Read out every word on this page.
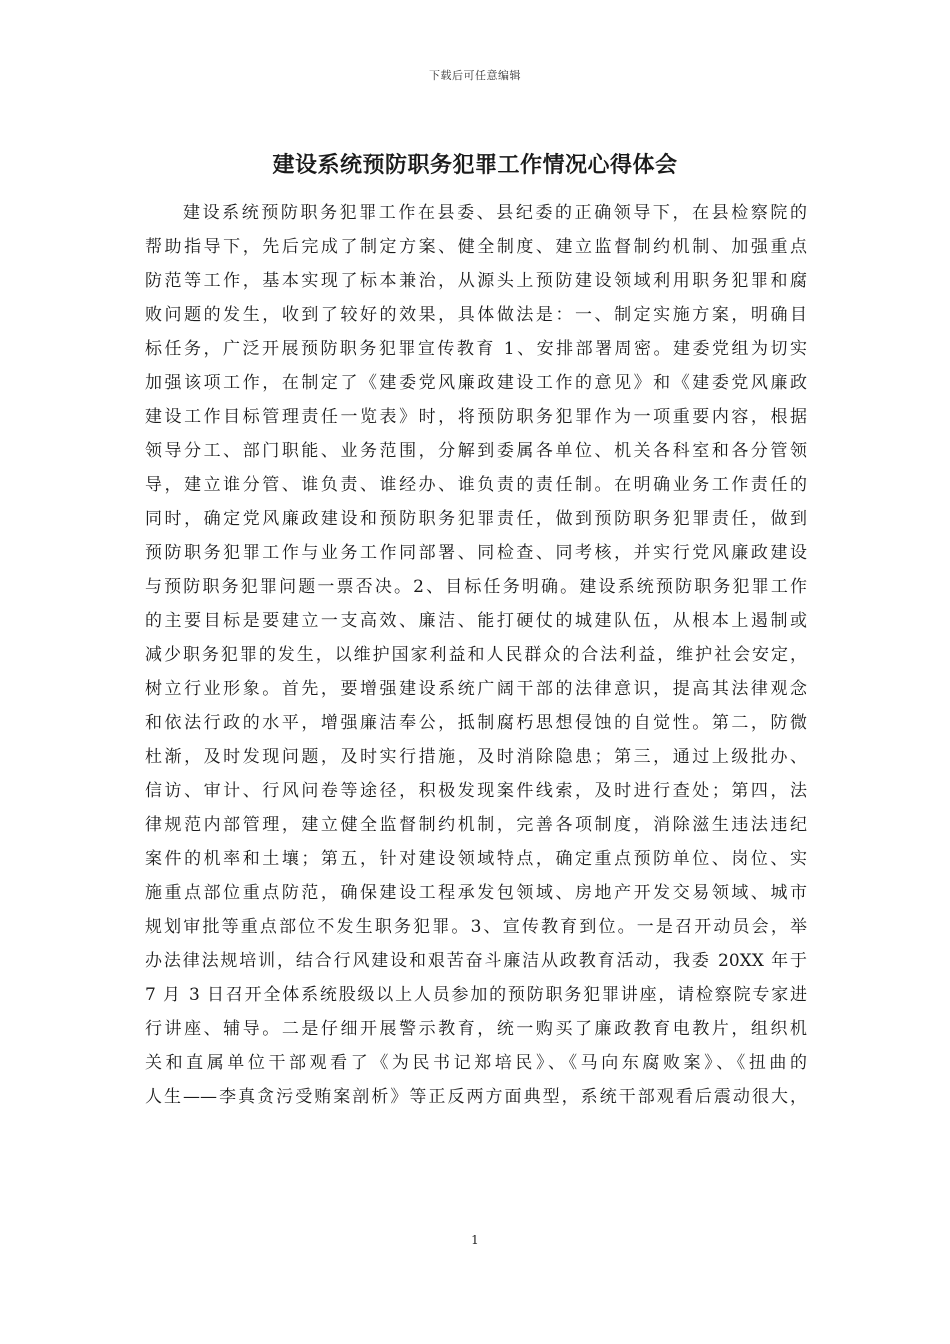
下载后可任意编辑
建设系统预防职务犯罪工作情况心得体会
建设系统预防职务犯罪工作在县委、县纪委的正确领导下，在县检察院的
帮助指导下，先后完成了制定方案、健全制度、建立监督制约机制、加强重点
防范等工作，基本实现了标本兼治，从源头上预防建设领域利用职务犯罪和腐
败问题的发生，收到了较好的效果，具体做法是：一、制定实施方案，明确目
标任务，广泛开展预防职务犯罪宣传教育 1、安排部署周密。建委党组为切实
加强该项工作，在制定了《建委党风廉政建设工作的意见》和《建委党风廉政
建设工作目标管理责任一览表》时，将预防职务犯罪作为一项重要内容，根据
领导分工、部门职能、业务范围，分解到委属各单位、机关各科室和各分管领
导，建立谁分管、谁负责、谁经办、谁负责的责任制。在明确业务工作责任的
同时，确定党风廉政建设和预防职务犯罪责任，做到预防职务犯罪责任，做到
预防职务犯罪工作与业务工作同部署、同检查、同考核，并实行党风廉政建设
与预防职务犯罪问题一票否决。2、目标任务明确。建设系统预防职务犯罪工作
的主要目标是要建立一支高效、廉洁、能打硬仗的城建队伍，从根本上遏制或
减少职务犯罪的发生，以维护国家利益和人民群众的合法利益，维护社会安定，
树立行业形象。首先，要增强建设系统广阔干部的法律意识，提高其法律观念
和依法行政的水平，增强廉洁奉公，抵制腐朽思想侵蚀的自觉性。第二，防微
杜渐，及时发现问题，及时实行措施，及时消除隐患；第三，通过上级批办、
信访、审计、行风问卷等途径，积极发现案件线索，及时进行查处；第四，法
律规范内部管理，建立健全监督制约机制，完善各项制度，消除滋生违法违纪
案件的机率和土壤；第五，针对建设领域特点，确定重点预防单位、岗位、实
施重点部位重点防范，确保建设工程承发包领域、房地产开发交易领域、城市
规划审批等重点部位不发生职务犯罪。3、宣传教育到位。一是召开动员会，举
办法律法规培训，结合行风建设和艰苦奋斗廉洁从政教育活动，我委 20XX 年于
7 月 3 日召开全体系统股级以上人员参加的预防职务犯罪讲座，请检察院专家进
行讲座、辅导。二是仔细开展警示教育，统一购买了廉政教育电教片，组织机
关和直属单位干部观看了《为民书记郑培民》、《马向东腐败案》、《扭曲的
人生——李真贪污受贿案剖析》等正反两方面典型，系统干部观看后震动很大，
1
